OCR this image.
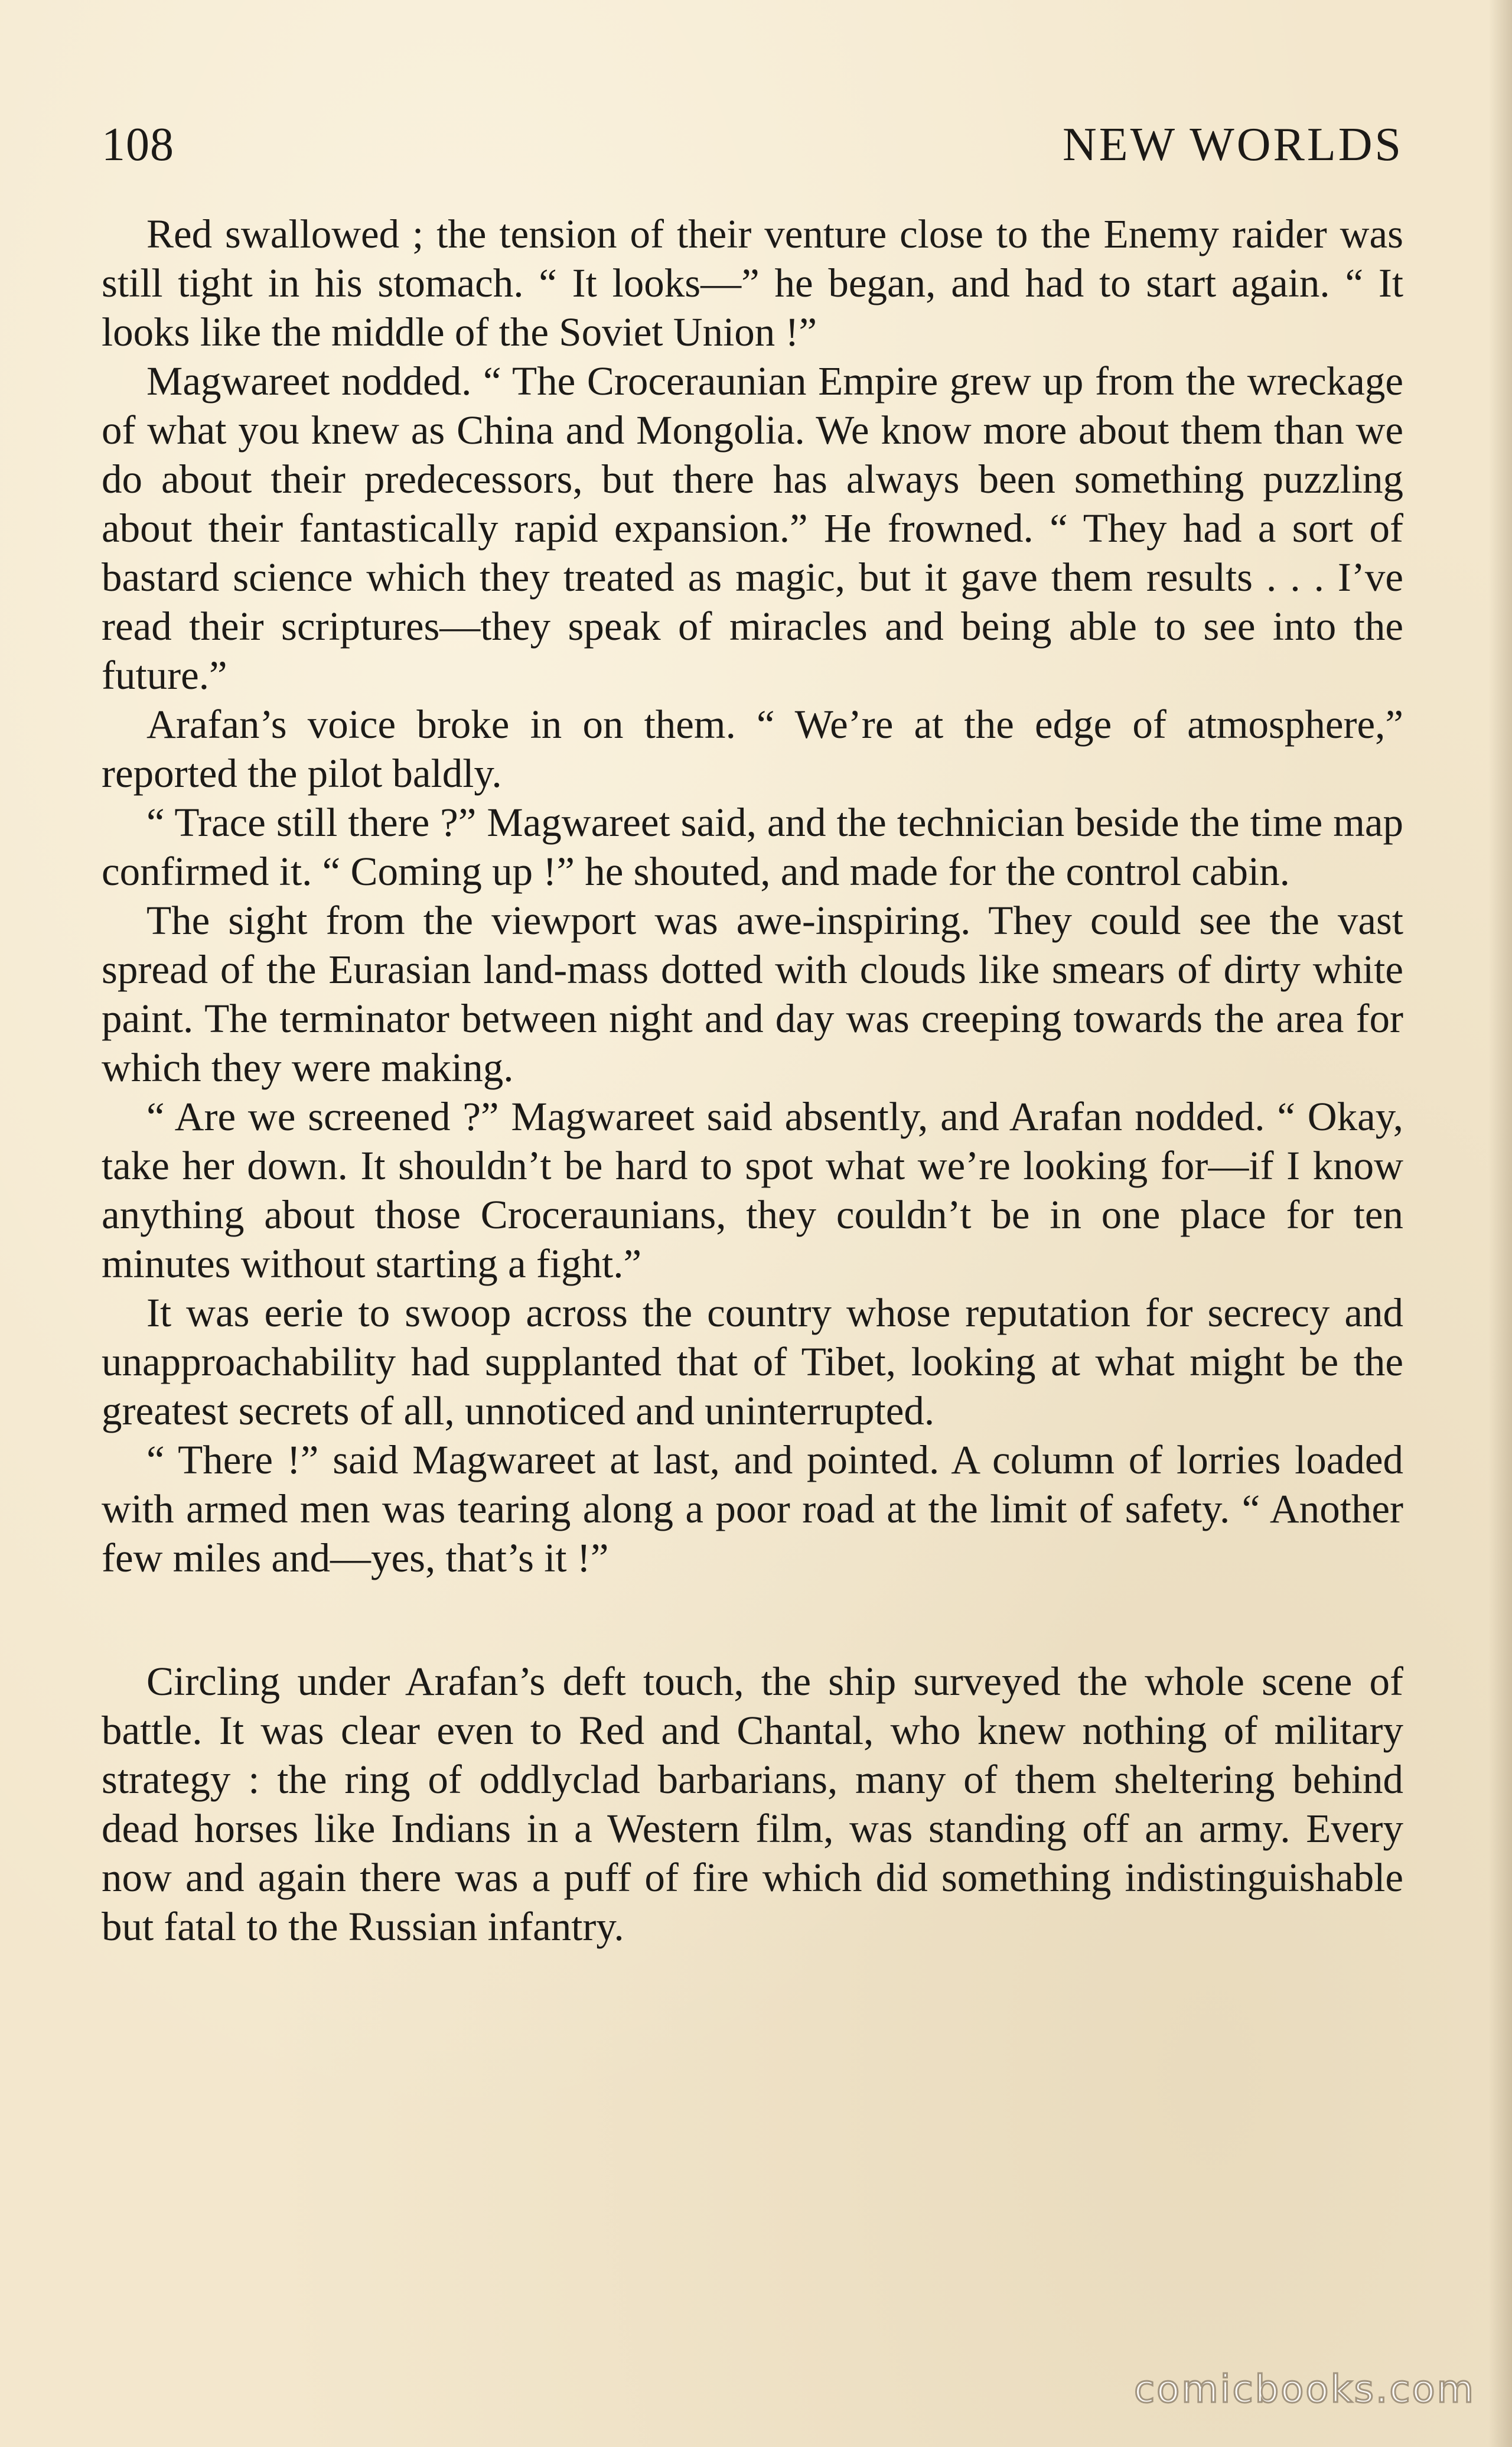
108	NEW WORLDS

Red swallowed ; the tension of their venture close to the Enemy raider was still tight in his stomach. “ It looks—” he began, and had to start again. “ It looks like the middle of the Soviet Union !”

Magwareet nodded. “ The Croceraunian Empire grew up from the wreckage of what you knew as China and Mongolia. We know more about them than we do about their predecessors, but there has always been something puzzling about their fantastically rapid expansion.” He frowned. “ They had a sort of bastard science which they treated as magic, but it gave them results . . . I’ve read their scriptures—they speak of miracles and being able to see into the future.”

Arafan’s voice broke in on them. “ We’re at the edge of atmosphere,” reported the pilot baldly.

“ Trace still there ?” Magwareet said, and the technician beside the time map confirmed it. “ Coming up !” he shouted, and made for the control cabin.

The sight from the viewport was awe-inspiring. They could see the vast spread of the Eurasian land-mass dotted with clouds like smears of dirty white paint. The terminator between night and day was creeping towards the area for which they were making.

“ Are we screened ?” Magwareet said absently, and Arafan nodded. “ Okay, take her down. It shouldn’t be hard to spot what we’re looking for—if I know anything about those Croceraunians, they couldn’t be in one place for ten minutes without starting a fight.”

It was eerie to swoop across the country whose reputation for secrecy and unapproachability had supplanted that of Tibet, looking at what might be the greatest secrets of all, unnoticed and uninterrupted.

“ There !” said Magwareet at last, and pointed. A column of lorries loaded with armed men was tearing along a poor road at the limit of safety. “ Another few miles and—yes, that’s it !”

Circling under Arafan’s deft touch, the ship surveyed the whole scene of battle. It was clear even to Red and Chantal, who knew nothing of military strategy : the ring of oddlyclad barbarians, many of them sheltering behind dead horses like Indians in a Western film, was standing off an army. Every now and again there was a puff of fire which did something indistinguishable but fatal to the Russian infantry.

comicbooks.com
